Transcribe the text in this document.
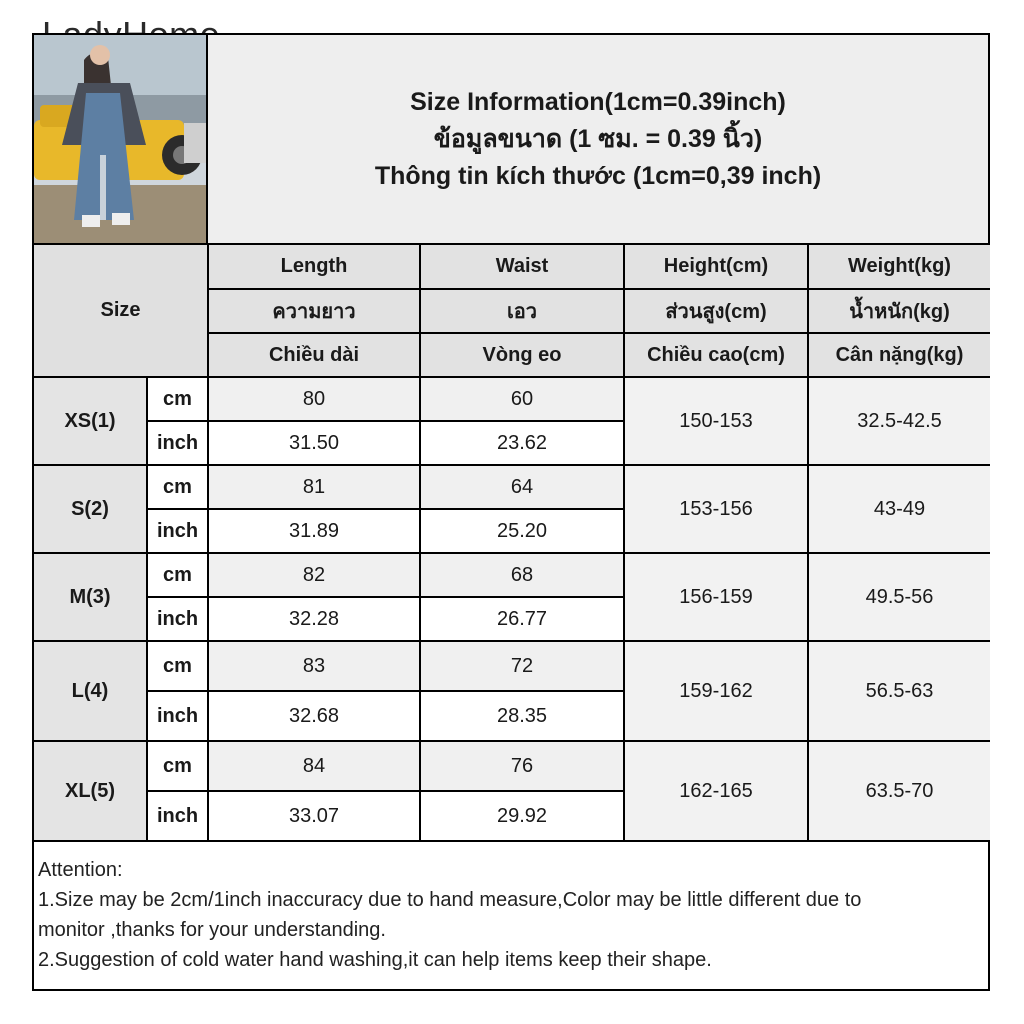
Size Information(1cm=0.39inch)
ข้อมูลขนาด (1 ซม. = 0.39 นิ้ว)
Thông tin kích thước (1cm=0,39 inch)
Size		Length	Waist	Height(cm)	Weight(kg)
		ความยาว	เอว	ส่วนสูง(cm)	น้ำหนัก(kg)
		Chiều dài	Vòng eo	Chiều cao(cm)	Cân nặng(kg)
XS(1)	cm	80	60	150-153	32.5-42.5
	inch	31.50	23.62		
S(2)	cm	81	64	153-156	43-49
	inch	31.89	25.20		
M(3)	cm	82	68	156-159	49.5-56
	inch	32.28	26.77		
L(4)	cm	83	72	159-162	56.5-63
	inch	32.68	28.35		
XL(5)	cm	84	76	162-165	63.5-70
	inch	33.07	29.92		
Attention:
1.Size may be 2cm/1inch inaccuracy due to hand measure,Color may be little different due to
monitor ,thanks for your understanding.
2.Suggestion of cold water hand washing,it can help items keep their shape.
